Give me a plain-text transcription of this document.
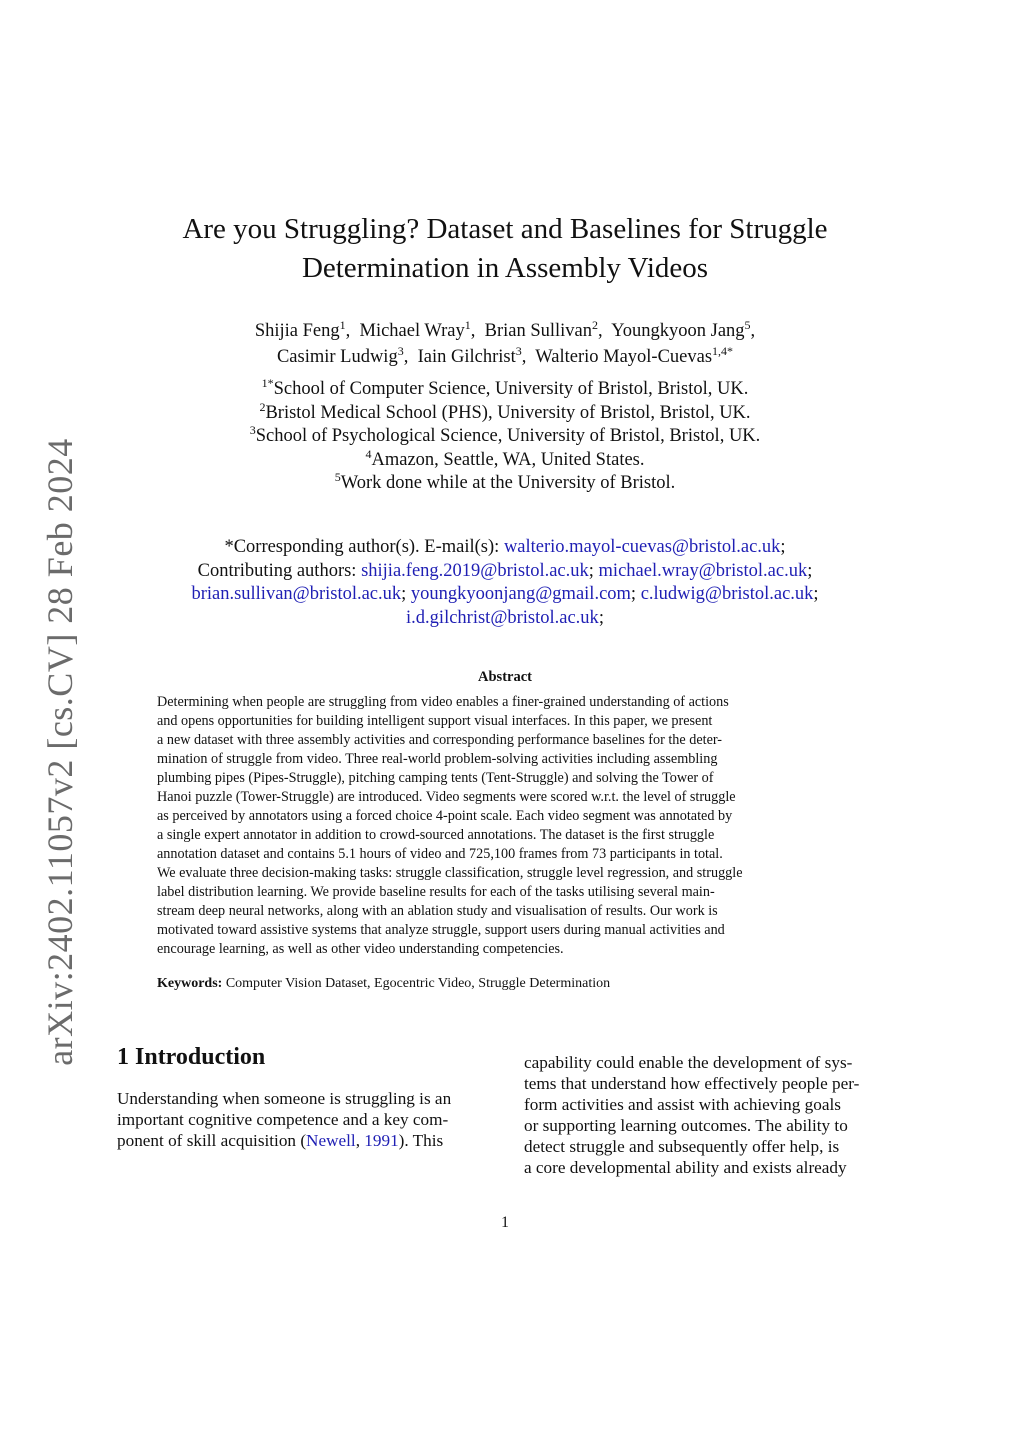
arXiv:2402.11057v2 [cs.CV] 28 Feb 2024
Are you Struggling? Dataset and Baselines for Struggle
Determination in Assembly Videos
Shijia Feng$^1$,  Michael Wray$^1$,  Brian Sullivan$^2$,  Youngkyoon Jang$^5$,
Casimir Ludwig$^3$,  Iain Gilchrist$^3$,  Walterio Mayol-Cuevas$^{1,4*}$
$^{1*}$School of Computer Science, University of Bristol, Bristol, UK.
$^2$Bristol Medical School (PHS), University of Bristol, Bristol, UK.
$^3$School of Psychological Science, University of Bristol, Bristol, UK.
$^4$Amazon, Seattle, WA, United States.
$^5$Work done while at the University of Bristol.
*Corresponding author(s). E-mail(s): walterio.mayol-cuevas@bristol.ac.uk;
Contributing authors: shijia.feng.2019@bristol.ac.uk; michael.wray@bristol.ac.uk;
brian.sullivan@bristol.ac.uk; youngkyoonjang@gmail.com; c.ludwig@bristol.ac.uk;
i.d.gilchrist@bristol.ac.uk;
Abstract
Determining when people are struggling from video enables a finer-grained understanding of actions
and opens opportunities for building intelligent support visual interfaces. In this paper, we present
a new dataset with three assembly activities and corresponding performance baselines for the deter-
mination of struggle from video. Three real-world problem-solving activities including assembling
plumbing pipes (Pipes-Struggle), pitching camping tents (Tent-Struggle) and solving the Tower of
Hanoi puzzle (Tower-Struggle) are introduced. Video segments were scored w.r.t. the level of struggle
as perceived by annotators using a forced choice 4-point scale. Each video segment was annotated by
a single expert annotator in addition to crowd-sourced annotations. The dataset is the first struggle
annotation dataset and contains 5.1 hours of video and 725,100 frames from 73 participants in total.
We evaluate three decision-making tasks: struggle classification, struggle level regression, and struggle
label distribution learning. We provide baseline results for each of the tasks utilising several main-
stream deep neural networks, along with an ablation study and visualisation of results. Our work is
motivated toward assistive systems that analyze struggle, support users during manual activities and
encourage learning, as well as other video understanding competencies.
Keywords: Computer Vision Dataset, Egocentric Video, Struggle Determination
1 Introduction
Understanding when someone is struggling is an
important cognitive competence and a key com-
ponent of skill acquisition (Newell, 1991). This
capability could enable the development of sys-
tems that understand how effectively people per-
form activities and assist with achieving goals
or supporting learning outcomes. The ability to
detect struggle and subsequently offer help, is
a core developmental ability and exists already
1
